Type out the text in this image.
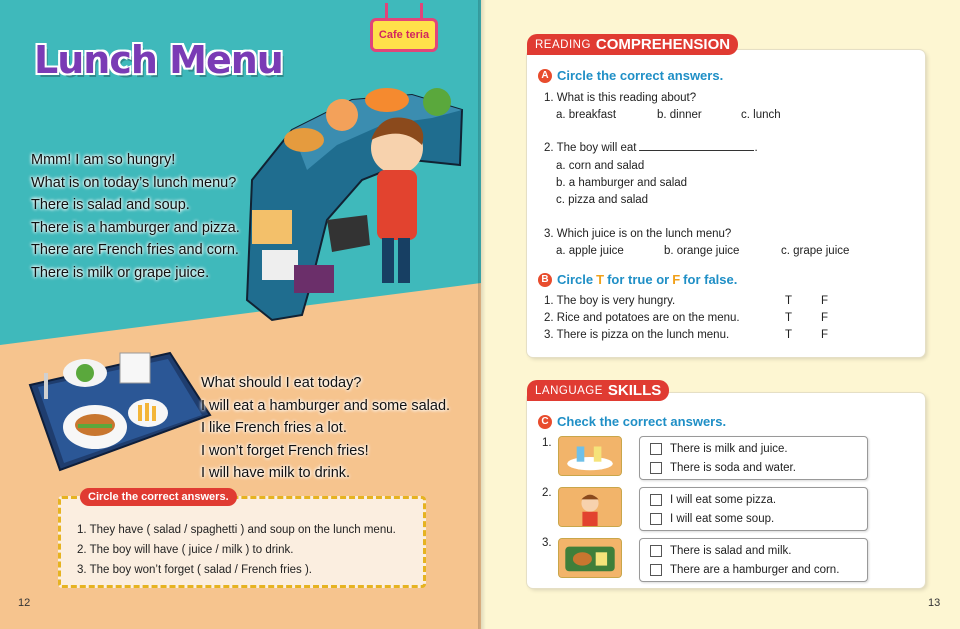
Cafe teria
Lunch Menu
Mmm! I am so hungry!
What is on today’s lunch menu?
There is salad and soup.
There is a hamburger and pizza.
There are French fries and corn.
There is milk or grape juice.
What should I eat today?
I will eat a hamburger and some salad.
I like French fries a lot.
I won’t forget French fries!
I will have milk to drink.
1. They have ( salad / spaghetti ) and soup on the lunch menu.
2. The boy will have ( juice / milk ) to drink.
3. The boy won’t forget ( salad / French fries ).
Circle the correct answers.
12
READING COMPREHENSION
A Circle the correct answers.
1. What is this reading about?
a. breakfast	b. dinner	c. lunch
2. The boy will eat	.
a. corn and salad
b. a hamburger and salad
c. pizza and salad
3. Which juice is on the lunch menu?
a. apple juice	b. orange juice	c. grape juice
B Circle T for true or F for false.
1. The boy is very hungry.	T	F
2. Rice and potatoes are on the menu.	T	F
3. There is pizza on the lunch menu.	T	F
LANGUAGE SKILLS
C Check the correct answers.
1.	There is milk and juice.
There is soda and water.
2.
I will eat some pizza.
I will eat some soup.
3.
There is salad and milk.
There are a hamburger and corn.
13
